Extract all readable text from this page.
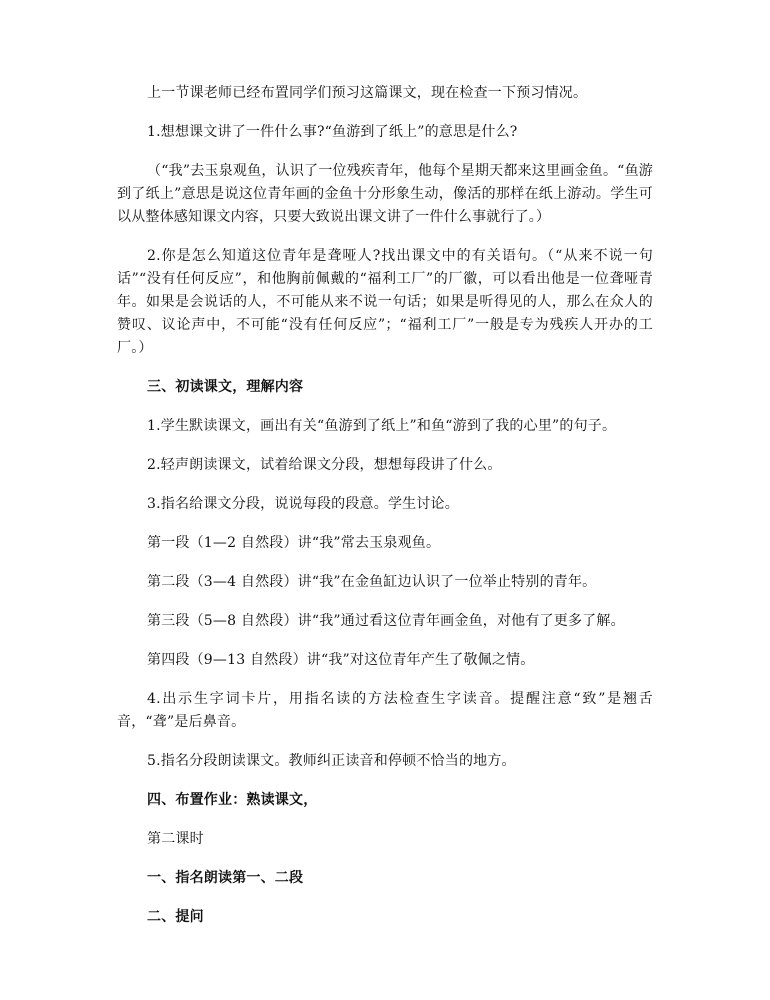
上一节课老师已经布置同学们预习这篇课文，现在检查一下预习情况。

1.想想课文讲了一件什么事?“鱼游到了纸上”的意思是什么?

（“我”去玉泉观鱼，认识了一位残疾青年，他每个星期天都来这里画金鱼。“鱼游到了纸上”意思是说这位青年画的金鱼十分形象生动，像活的那样在纸上游动。学生可以从整体感知课文内容，只要大致说出课文讲了一件什么事就行了。）

2.你是怎么知道这位青年是聋哑人?找出课文中的有关语句。（“从来不说一句话”“没有任何反应”，和他胸前佩戴的“福利工厂”的厂徽，可以看出他是一位聋哑青年。如果是会说话的人，不可能从来不说一句话；如果是听得见的人，那么在众人的赞叹、议论声中，不可能“没有任何反应”；“福利工厂”一般是专为残疾人开办的工厂。）

三、初读课文，理解内容

1.学生默读课文，画出有关“鱼游到了纸上”和鱼“游到了我的心里”的句子。

2.轻声朗读课文，试着给课文分段，想想每段讲了什么。

3.指名给课文分段，说说每段的段意。学生讨论。

第一段（1—2 自然段）讲“我”常去玉泉观鱼。

第二段（3—4 自然段）讲“我”在金鱼缸边认识了一位举止特别的青年。

第三段（5—8 自然段）讲“我”通过看这位青年画金鱼，对他有了更多了解。

第四段（9—13 自然段）讲“我”对这位青年产生了敬佩之情。

4.出示生字词卡片，用指名读的方法检查生字读音。提醒注意“致”是翘舌音，“聋”是后鼻音。

5.指名分段朗读课文。教师纠正读音和停顿不恰当的地方。

四、布置作业：熟读课文，

第二课时

一、指名朗读第一、二段

二、提问
